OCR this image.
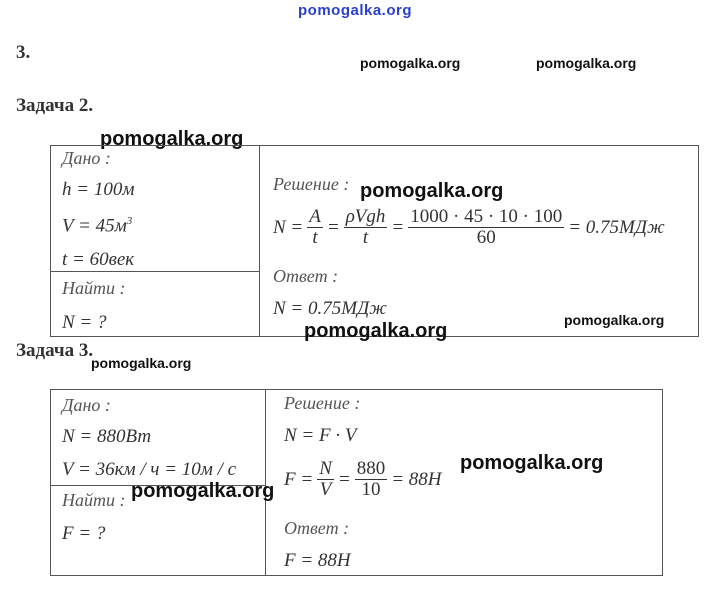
pomogalka.org
3.	pomogalka.org	pomogalka.org
Задача 2.
pomogalka.org
Дано :
h = 100м
$V = 45м^3$
t = 60век
Найти :
N = ?
Решение : pomogalka.org
$N = \frac{A}{t} = \frac{\text{ρVgh}}{t} = \frac{1000 \cdot 45 \cdot 10 \cdot 100}{60} = 0.75МДж$
Ответ :
N = 0.75МДж
pomogalka.org
pomogalka.org
Задача 3.
pomogalka.org
Дано :
N = 880Вт
V = 36км / ч = 10м / с
Найти :
F = ?
Решение :
N = F · V
$F = \frac{N}{V} = \frac{880}{10} = 88H$
pomogalka.org
pomogalka.org
Ответ :
F = 88H
